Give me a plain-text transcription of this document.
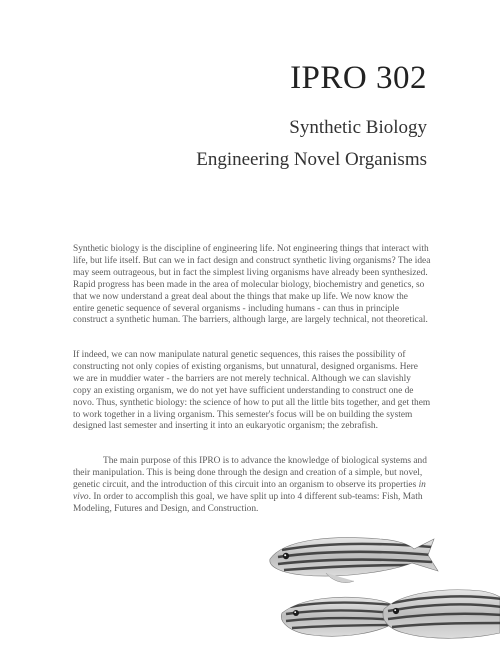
IPRO 302
Synthetic Biology
Engineering Novel Organisms

Synthetic biology is the discipline of engineering life. Not engineering things that interact with life, but life itself. But can we in fact design and construct synthetic living organisms? The idea may seem outrageous, but in fact the simplest living organisms have already been synthesized. Rapid progress has been made in the area of molecular biology, biochemistry and genetics, so that we now understand a great deal about the things that make up life. We now know the entire genetic sequence of several organisms - including humans - can thus in principle construct a synthetic human. The barriers, although large, are largely technical, not theoretical.

If indeed, we can now manipulate natural genetic sequences, this raises the possibility of constructing not only copies of existing organisms, but unnatural, designed organisms. Here we are in muddier water - the barriers are not merely technical. Although we can slavishly copy an existing organism, we do not yet have sufficient understanding to construct one de novo. Thus, synthetic biology: the science of how to put all the little bits together, and get them to work together in a living organism. This semester's focus will be on building the system designed last semester and inserting it into an eukaryotic organism; the zebrafish.

The main purpose of this IPRO is to advance the knowledge of biological systems and their manipulation. This is being done through the design and creation of a simple, but novel, genetic circuit, and the introduction of this circuit into an organism to observe its properties in vivo. In order to accomplish this goal, we have split up into 4 different sub-teams: Fish, Math Modeling, Futures and Design, and Construction.
